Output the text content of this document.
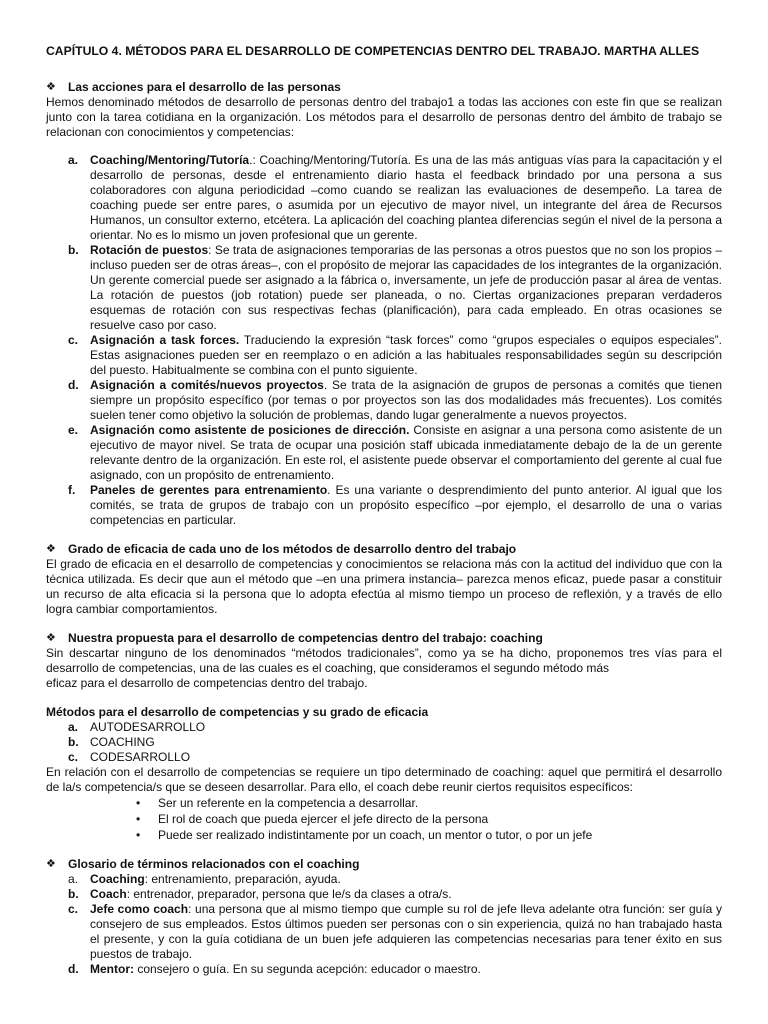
CAPÍTULO 4. MÉTODOS PARA EL DESARROLLO DE COMPETENCIAS DENTRO DEL TRABAJO. MARTHA ALLES
❖	Las acciones para el desarrollo de las personas

Hemos denominado métodos de desarrollo de personas dentro del trabajo1 a todas las acciones con este fin que se realizan junto con la tarea cotidiana en la organización. Los métodos para el desarrollo de personas dentro del ámbito de trabajo se relacionan con conocimientos y competencias:

a. Coaching/Mentoring/Tutoría.: Coaching/Mentoring/Tutoría. Es una de las más antiguas vías para la capacitación y el desarrollo de personas, desde el entrenamiento diario hasta el feedback brindado por una persona a sus colaboradores con alguna periodicidad –como cuando se realizan las evaluaciones de desempeño. La tarea de coaching puede ser entre pares, o asumida por un ejecutivo de mayor nivel, un integrante del área de Recursos Humanos, un consultor externo, etcétera. La aplicación del coaching plantea diferencias según el nivel de la persona a orientar. No es lo mismo un joven profesional que un gerente.
b. Rotación de puestos: Se trata de asignaciones temporarias de las personas a otros puestos que no son los propios –incluso pueden ser de otras áreas–, con el propósito de mejorar las capacidades de los integrantes de la organización. Un gerente comercial puede ser asignado a la fábrica o, inversamente, un jefe de producción pasar al área de ventas. La rotación de puestos (job rotation) puede ser planeada, o no. Ciertas organizaciones preparan verdaderos esquemas de rotación con sus respectivas fechas (planificación), para cada empleado. En otras ocasiones se resuelve caso por caso.
c. Asignación a task forces. Traduciendo la expresión “task forces” como “grupos especiales o equipos especiales”. Estas asignaciones pueden ser en reemplazo o en adición a las habituales responsabilidades según su descripción del puesto. Habitualmente se combina con el punto siguiente.
d. Asignación a comités/nuevos proyectos. Se trata de la asignación de grupos de personas a comités que tienen siempre un propósito específico (por temas o por proyectos son las dos modalidades más frecuentes). Los comités suelen tener como objetivo la solución de problemas, dando lugar generalmente a nuevos proyectos.
e. Asignación como asistente de posiciones de dirección. Consiste en asignar a una persona como asistente de un ejecutivo de mayor nivel. Se trata de ocupar una posición staff ubicada inmediatamente debajo de la de un gerente relevante dentro de la organización. En este rol, el asistente puede observar el comportamiento del gerente al cual fue asignado, con un propósito de entrenamiento.
f. Paneles de gerentes para entrenamiento. Es una variante o desprendimiento del punto anterior. Al igual que los comités, se trata de grupos de trabajo con un propósito específico –por ejemplo, el desarrollo de una o varias competencias en particular.
❖	Grado de eficacia de cada uno de los métodos de desarrollo dentro del trabajo

El grado de eficacia en el desarrollo de competencias y conocimientos se relaciona más con la actitud del individuo que con la técnica utilizada. Es decir que aun el método que –en una primera instancia– parezca menos eficaz, puede pasar a constituir un recurso de alta eficacia si la persona que lo adopta efectúa al mismo tiempo un proceso de reflexión, y a través de ello logra cambiar comportamientos.

❖	Nuestra propuesta para el desarrollo de competencias dentro del trabajo: coaching

Sin descartar ninguno de los denominados “métodos tradicionales”, como ya se ha dicho, proponemos tres vías para el desarrollo de competencias, una de las cuales es el coaching, que consideramos el segundo método más

eficaz para el desarrollo de competencias dentro del trabajo.

Métodos para el desarrollo de competencias y su grado de eficacia
a. AUTODESARROLLO
b. COACHING
c. CODESARROLLO

En relación con el desarrollo de competencias se requiere un tipo determinado de coaching: aquel que permitirá el desarrollo de la/s competencia/s que se deseen desarrollar. Para ello, el coach debe reunir ciertos requisitos específicos:

• Ser un referente en la competencia a desarrollar.
• El rol de coach que pueda ejercer el jefe directo de la persona
• Puede ser realizado indistintamente por un coach, un mentor o tutor, o por un jefe
❖	Glosario de términos relacionados con el coaching
a. Coaching: entrenamiento, preparación, ayuda.
b. Coach: entrenador, preparador, persona que le/s da clases a otra/s.
c. Jefe como coach: una persona que al mismo tiempo que cumple su rol de jefe lleva adelante otra función: ser guía y consejero de sus empleados. Estos últimos pueden ser personas con o sin experiencia, quizá no han trabajado hasta el presente, y con la guía cotidiana de un buen jefe adquieren las competencias necesarias para tener éxito en sus puestos de trabajo.
d. Mentor: consejero o guía. En su segunda acepción: educador o maestro.
